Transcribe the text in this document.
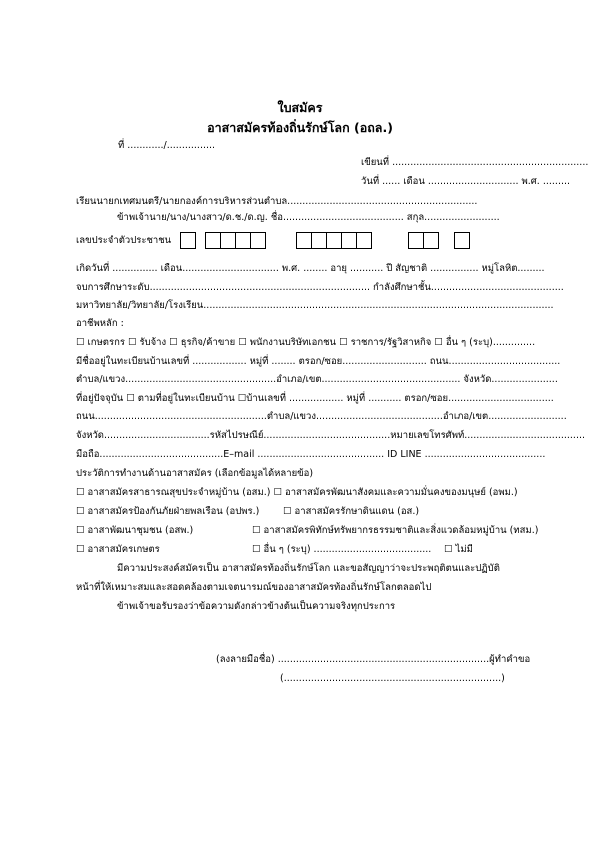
ใบสมัคร
อาสาสมัครท้องถิ่นรักษ์โลก (อถล.)
ที่ ............/................
เขียนที่ .................................................................
วันที่ ...... เดือน .............................. พ.ศ. .........
เรียนนายกเทศมนตรี/นายกองค์การบริหารส่วนตำบล...............................................................
ข้าพเจ้านาย/นาง/นางสาว/ด.ช./ด.ญ. ชื่อ........................................ สกุล.........................
เลขประจำตัวประชาชน
เกิดวันที่ ............... เดือน................................ พ.ศ. ........ อายุ ........... ปี สัญชาติ ................ หมู่โลหิต.........
จบการศึกษาระดับ......................................................................... กำลังศึกษาชั้น............................................
มหาวิทยาลัย/วิทยาลัย/โรงเรียน....................................................................................................................
อาชีพหลัก :
☐ เกษตรกร ☐ รับจ้าง ☐ ธุรกิจ/ค้าขาย ☐ พนักงานบริษัทเอกชน ☐ ราชการ/รัฐวิสาหกิจ ☐ อื่น ๆ (ระบุ)..............
มีชื่ออยู่ในทะเบียนบ้านเลขที่ .................. หมู่ที่ ........ ตรอก/ซอย............................ ถนน.....................................
ตำบล/แขวง..................................................อำเภอ/เขต.............................................. จังหวัด......................
ที่อยู่ปัจจุบัน ☐ ตามที่อยู่ในทะเบียนบ้าน ☐บ้านเลขที่ .................. หมู่ที่ ........... ตรอก/ซอย...................................
ถนน.........................................................ตำบล/แขวง..........................................อำเภอ/เขต..........................
จังหวัด...................................รหัสไปรษณีย์..........................................หมายเลขโทรศัพท์........................................
มือถือ.........................................E–mail .......................................... ID LINE ........................................
ประวัติการทำงานด้านอาสาสมัคร (เลือกข้อมูลได้หลายข้อ)
☐ อาสาสมัครสาธารณสุขประจำหมู่บ้าน (อสม.) ☐ อาสาสมัครพัฒนาสังคมและความมั่นคงของมนุษย์ (อพม.)
☐ อาสาสมัครป้องกันภัยฝ่ายพลเรือน (อปพร.) ☐ อาสาสมัครรักษาดินแดน (อส.)
☐ อาสาพัฒนาชุมชน (อสพ.)	☐ อาสาสมัครพิทักษ์ทรัพยากรธรรมชาติและสิ่งแวดล้อมหมู่บ้าน (ทสม.)
☐ อาสาสมัครเกษตร	☐ อื่น ๆ (ระบุ) ....................................... ☐ ไม่มี
มีความประสงค์สมัครเป็น อาสาสมัครท้องถิ่นรักษ์โลก และขอสัญญาว่าจะประพฤติตนและปฏิบัติ
หน้าที่ให้เหมาะสมและสอดคล้องตามเจตนารมณ์ของอาสาสมัครท้องถิ่นรักษ์โลกตลอดไป
ข้าพเจ้าขอรับรองว่าข้อความดังกล่าวข้างต้นเป็นความจริงทุกประการ
(ลงลายมือชื่อ) ......................................................................ผู้ทำคำขอ
(........................................................................)
